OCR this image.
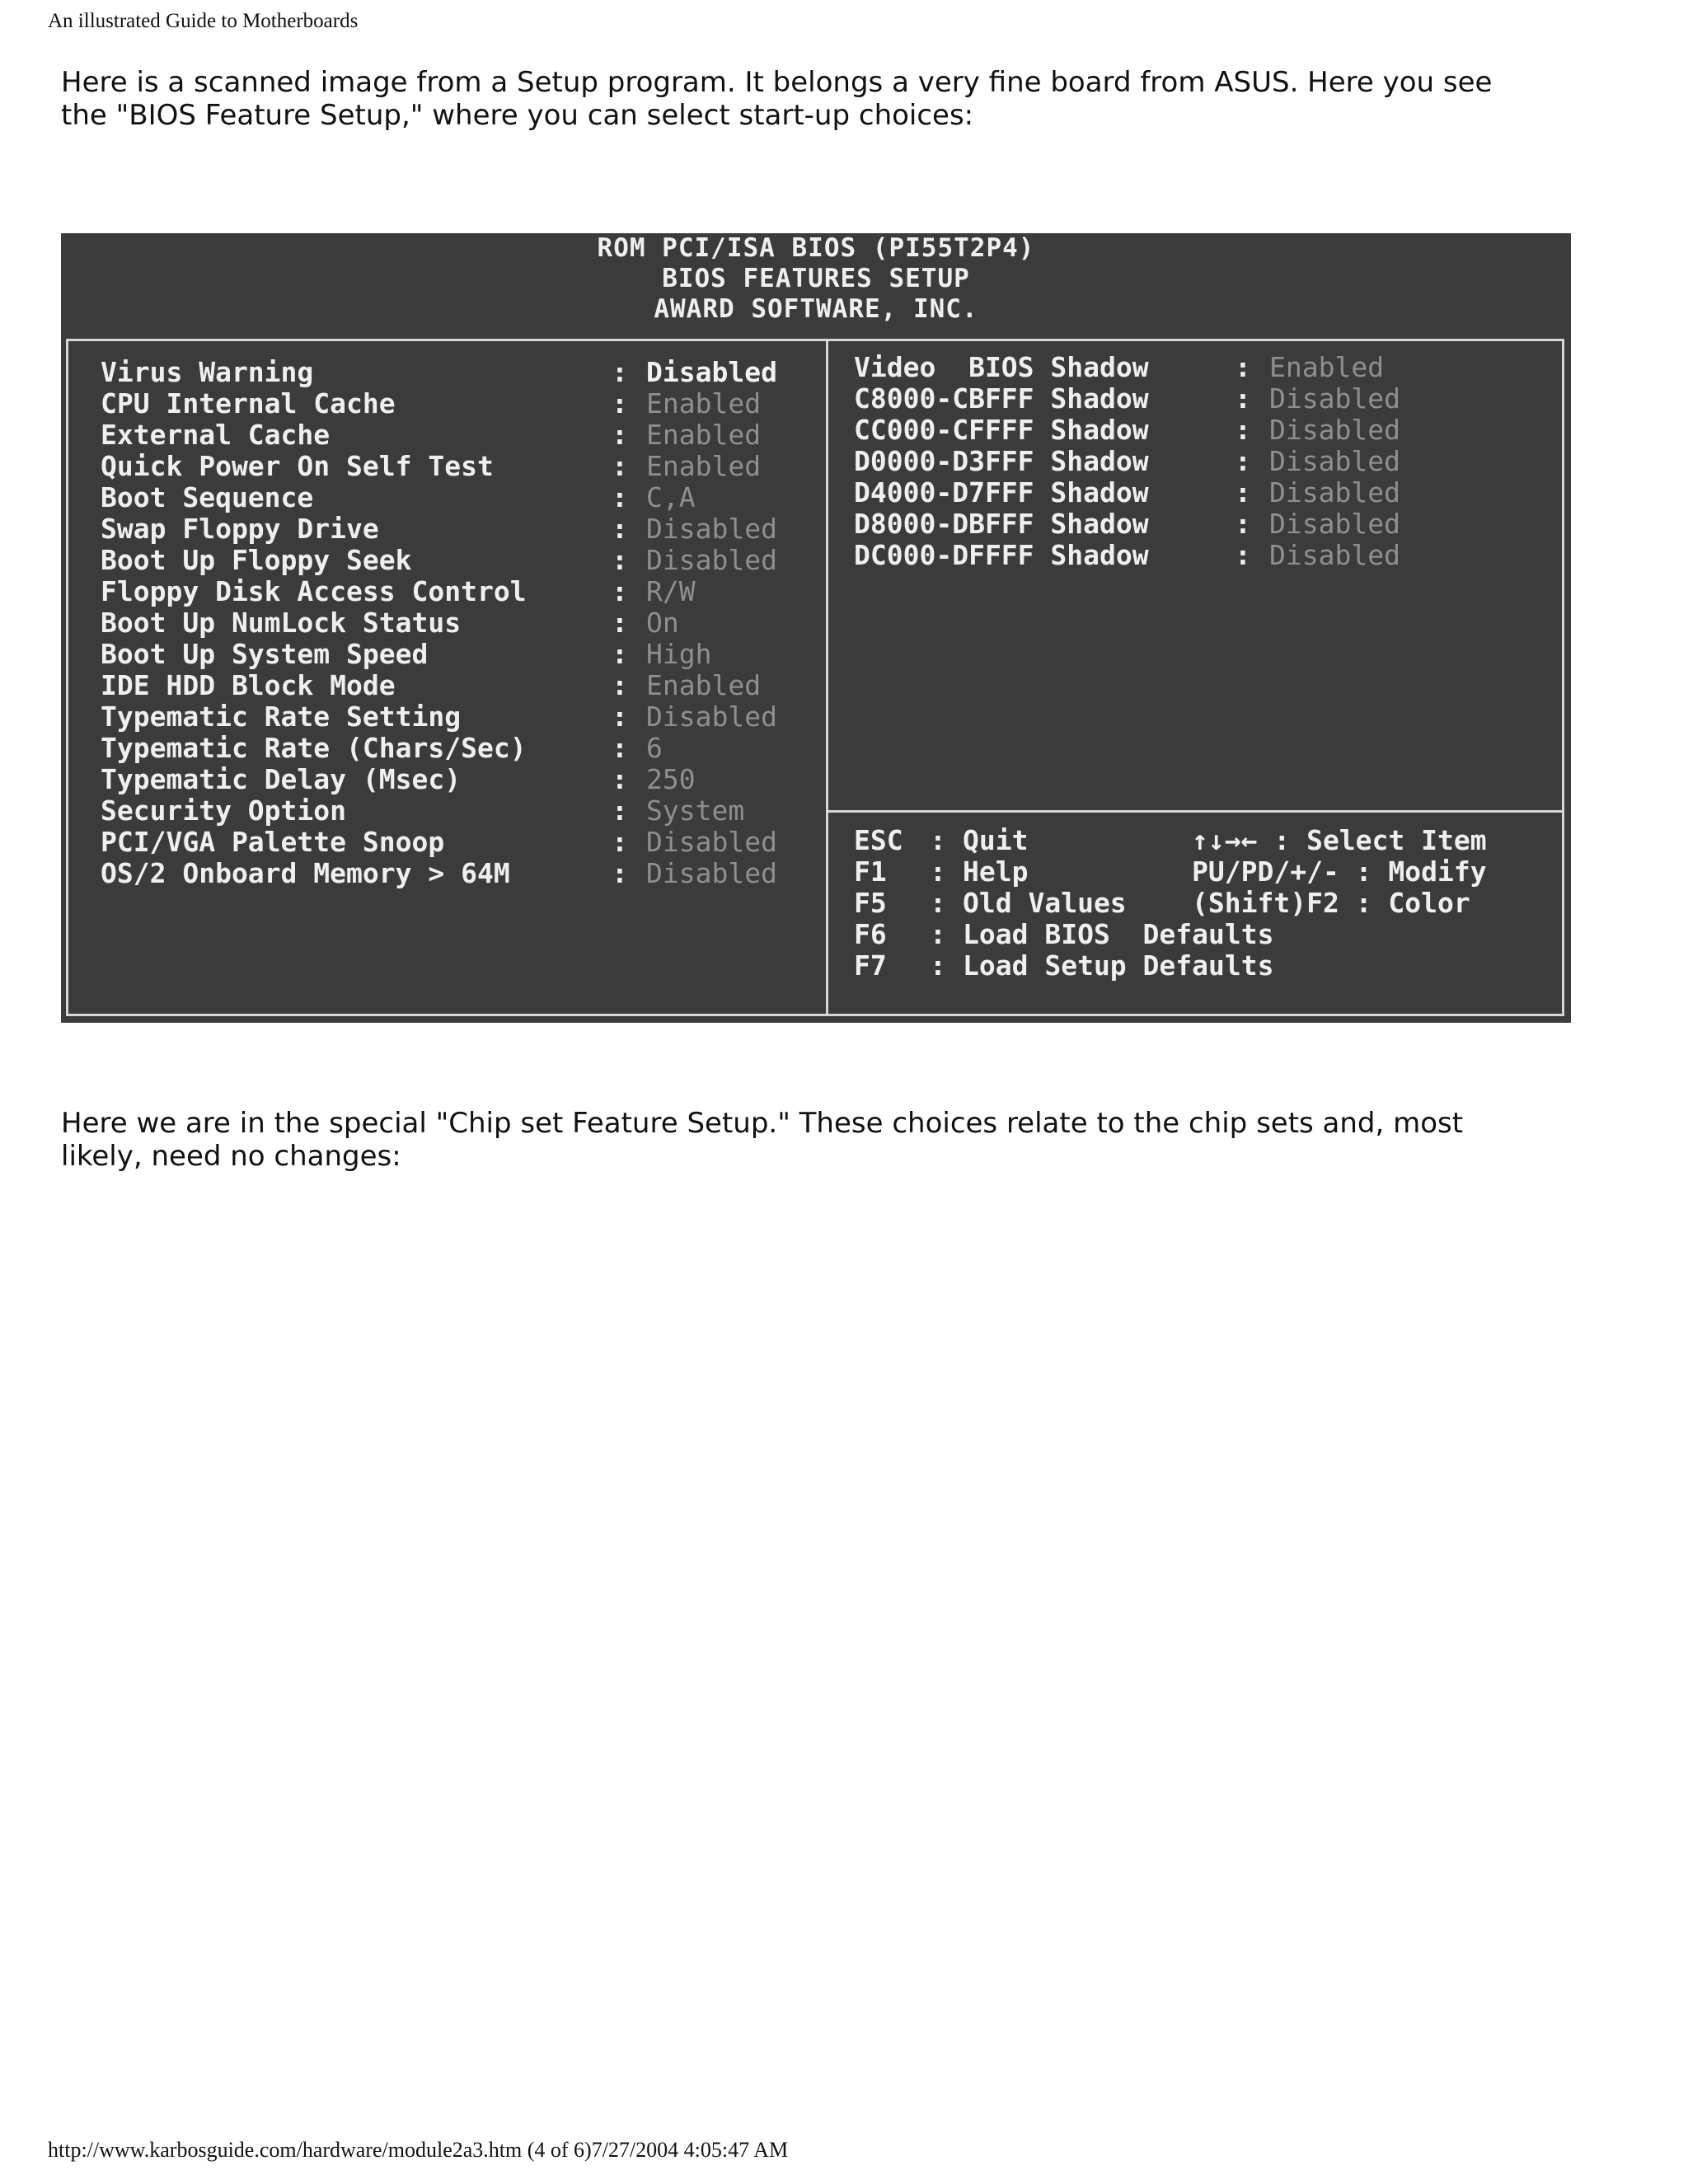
An illustrated Guide to Motherboards
Here is a scanned image from a Setup program. It belongs a very fine board from ASUS. Here you see the "BIOS Feature Setup," where you can select start-up choices:
ROM PCI/ISA BIOS (PI55T2P4)
BIOS FEATURES SETUP
AWARD SOFTWARE, INC.
Virus Warning	: Disabled
CPU Internal Cache	: Enabled
External Cache	: Enabled
Quick Power On Self Test	: Enabled
Boot Sequence	: C,A
Swap Floppy Drive	: Disabled
Boot Up Floppy Seek	: Disabled
Floppy Disk Access Control	: R/W
Boot Up NumLock Status	: On
Boot Up System Speed	: High
IDE HDD Block Mode	: Enabled
Typematic Rate Setting	: Disabled
Typematic Rate (Chars/Sec)	: 6
Typematic Delay (Msec)	: 250
Security Option	: System
PCI/VGA Palette Snoop	: Disabled
OS/2 Onboard Memory > 64M	: Disabled
Video  BIOS Shadow	: Enabled
C8000-CBFFF Shadow	: Disabled
CC000-CFFFF Shadow	: Disabled
D0000-D3FFF Shadow	: Disabled
D4000-D7FFF Shadow	: Disabled
D8000-DBFFF Shadow	: Disabled
DC000-DFFFF Shadow	: Disabled
ESC : Quit	↑↓→← : Select Item
F1 : Help	PU/PD/+/- : Modify
F5 : Old Values (Shift)F2 : Color
F6 : Load BIOS  Defaults
F7 : Load Setup Defaults
Here we are in the special "Chip set Feature Setup." These choices relate to the chip sets and, most likely, need no changes:
http://www.karbosguide.com/hardware/module2a3.htm (4 of 6)7/27/2004 4:05:47 AM
